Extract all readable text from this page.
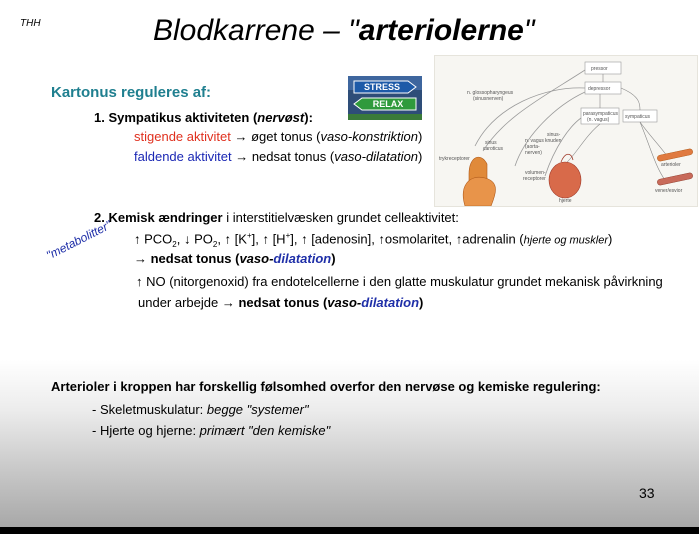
THH	Blodkarrene – "arteriolerne"
Kartonus reguleres af:
1. Sympatikus aktiviteten (nervøst):
stigende aktivitet → øget tonus (vaso-konstriktion)
faldende aktivitet → nedsat tonus (vaso-dilatation)
STRESS
RELAX
pressor
depressor
parasympaticus
(n. vagus)	sympaticus
n. glossopharyngeus
(sinusnerven)
n. vagus
(aorta-
nerven)
sinus
caroticus
sinus-
knuden
trykreceptorer
volumen-
receptorer
hjerte
arterioler
vener/esvior
2. Kemisk ændringer i interstitielvæsken grundet celleaktivitet:
↑ $PCO_2$, ↓ $PO_2$, ↑ [K+], ↑ [H+], ↑ [adenosin], ↑osmolaritet, ↑adrenalin (hjerte og muskler)
→ nedsat tonus (vaso-dilatation)
↑ NO (nitorgenoxid) fra endotelcellerne i den glatte muskulatur grundet mekanisk påvirkning
under arbejde → nedsat tonus (vaso-dilatation)
"metabolitter"
Arterioler i kroppen har forskellig følsomhed overfor den nervøse og kemiske regulering:
- Skeletmuskulatur: begge "systemer"
- Hjerte og hjerne: primært "den kemiske"
33
